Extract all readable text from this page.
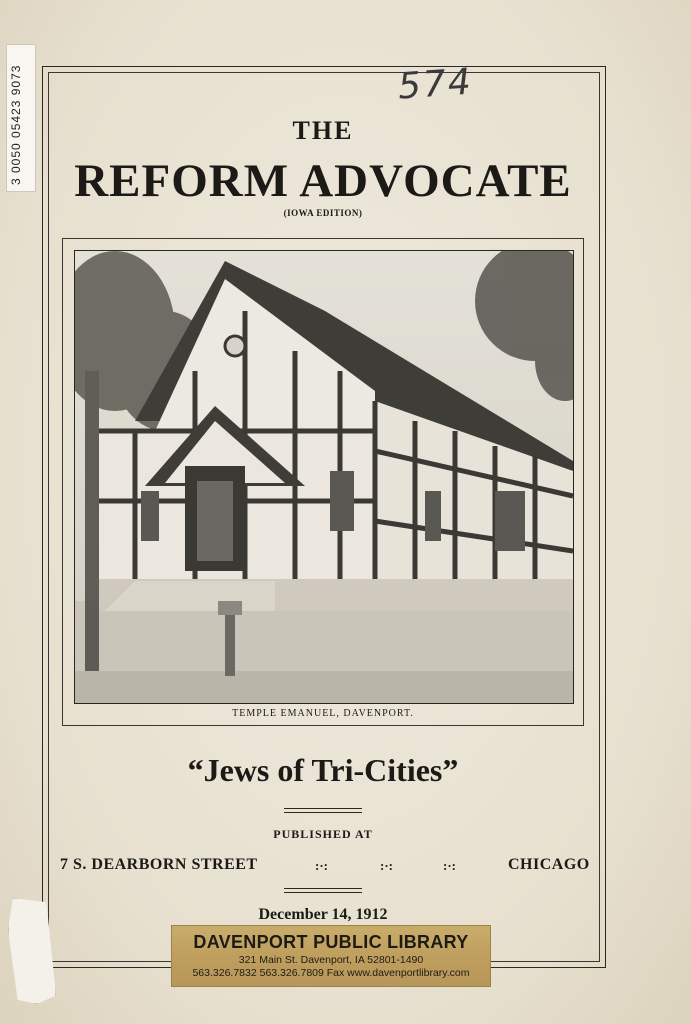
3 0050 05423 9073	574
THE
REFORM ADVOCATE
(IOWA EDITION)
TEMPLE EMANUEL, DAVENPORT.
“Jews of Tri-Cities”
PUBLISHED AT
7 S. DEARBORN STREET	:·:	:·:	:·:	CHICAGO
December 14, 1912
DAVENPORT PUBLIC LIBRARY
321 Main St. Davenport, IA 52801-1490
563.326.7832 563.326.7809 Fax www.davenportlibrary.com
